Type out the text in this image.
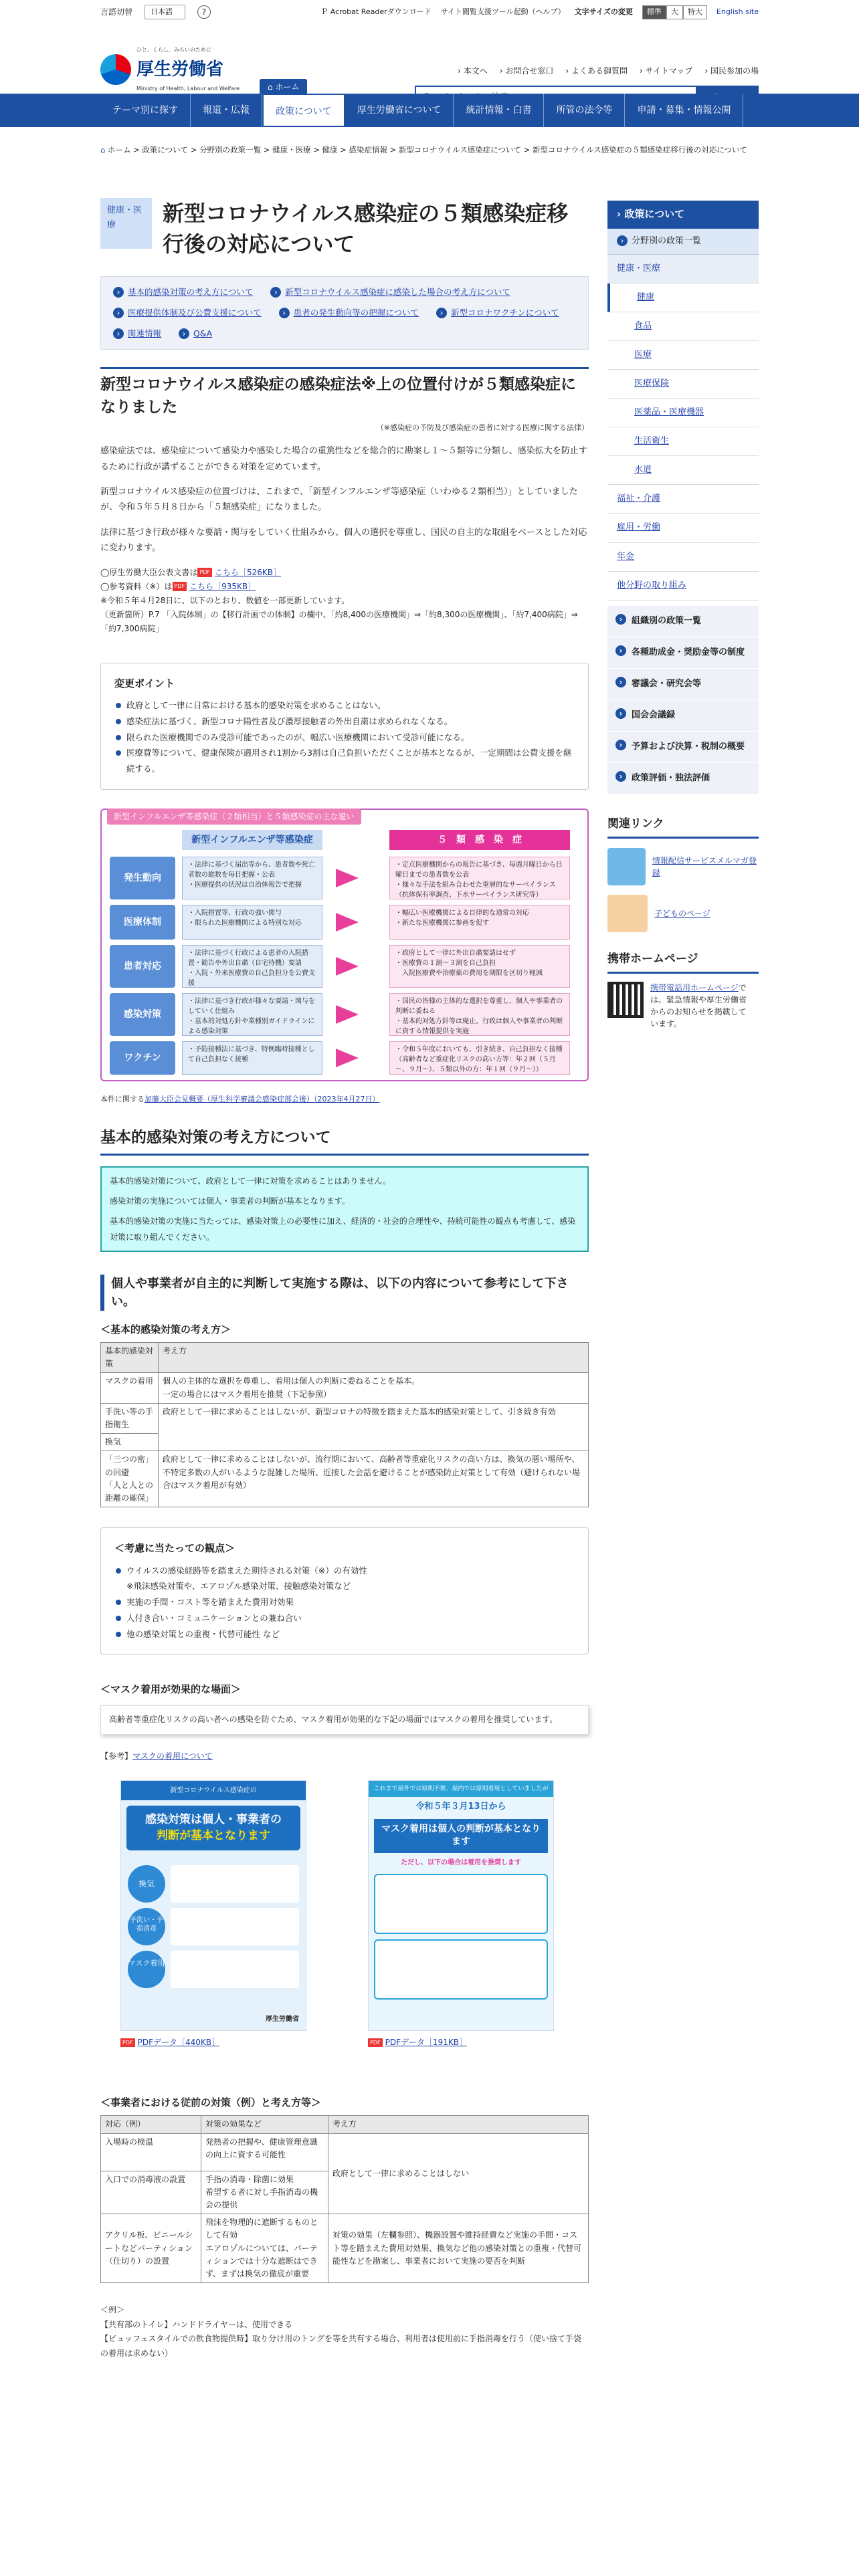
言語切替	日本語	?	Ｐ Acrobat Readerダウンロード サイト閲覧支援ツール起動（ヘルプ） 文字サイズの変更	標準 大 特大	English site
ひと、くらし、みらいのために
厚生労働省
Ministry of Health, Labour and Welfare	⌂ ホーム
› 本文へ › お問合せ窓口 › よくある御質問 › サイトマップ › 国民参加の場
Google カスタム検索
テーマ別に探す	報道・広報	政策について	厚生労働省について	統計情報・白書	所管の法令等	申請・募集・情報公開
⌂ ホーム > 政策について > 分野別の政策一覧 > 健康・医療 > 健康 > 感染症情報 > 新型コロナウイルス感染症について > 新型コロナウイルス感染症の５類感染症移行後の対応について
健康・医療	新型コロナウイルス感染症の５類感染症移行後の対応について
› 基本的感染対策の考え方について	› 新型コロナウイルス感染症に感染した場合の考え方について
› 医療提供体制及び公費支援について	› 患者の発生動向等の把握について	› 新型コロナワクチンについて
› 関連情報	› Q&A
新型コロナウイルス感染症の感染症法※上の位置付けが５類感染症になりました
（※感染症の予防及び感染症の患者に対する医療に関する法律）

感染症法では、感染症について感染力や感染した場合の重篤性などを総合的に勘案し１～５類等に分類し、感染拡大を防止するために行政が講ずることができる対策を定めています。

新型コロナウイルス感染症の位置づけは、これまで、「新型インフルエンザ等感染症（いわゆる２類相当）」としていましたが、令和５年５月８日から「５類感染症」になりました。

法律に基づき行政が様々な要請・関与をしていく仕組みから、個人の選択を尊重し、国民の自主的な取組をベースとした対応に変わります。

◯厚生労働大臣公表文書は PDF こちら［526KB］
◯参考資料（※）は PDF こちら［935KB］
※令和５年４月28日に、以下のとおり、数値を一部更新しています。
（更新箇所）P.7 「入院体制」の【移行計画での体制】の欄中、「約8,400の医療機関」⇒「約8,300の医療機関」、「約7,400病院」⇒「約7,300病院」
変更ポイント
政府として一律に日常における基本的感染対策を求めることはない。
感染症法に基づく、新型コロナ陽性者及び濃厚接触者の外出自粛は求められなくなる。
限られた医療機関でのみ受診可能であったのが、幅広い医療機関において受診可能になる。
医療費等について、健康保険が適用され1割から3割は自己負担いただくことが基本となるが、一定期間は公費支援を継続する。
新型インフルエンザ等感染症（２類相当）と５類感染症の主な違い
新型インフルエンザ等感染症	５　類　感　染　症
発生動向
・法律に基づく届出等から、患者数や死亡者数の総数を毎日把握・公表
・医療提供の状況は自治体報告で把握
・定点医療機関からの報告に基づき、毎週月曜日から日曜日までの患者数を公表
・様々な手法を組み合わせた重層的なサーベイランス（抗体保有率調査、下水サーベイランス研究等）
医療体制
・入院措置等、行政の強い関与
・限られた医療機関による特別な対応
・幅広い医療機関による自律的な通常の対応
・新たな医療機関に参画を促す
患者対応
・法律に基づく行政による患者の入院措置・勧告や外出自粛（自宅待機）要請
・入院・外来医療費の自己負担分を公費支援
・政府として一律に外出自粛要請はせず
・医療費の１割～３割を自己負担
　入院医療費や治療薬の費用を期限を区切り軽減
感染対策
・法律に基づき行政が様々な要請・関与をしていく仕組み
・基本的対処方針や業種別ガイドラインによる感染対策
・国民の皆様の主体的な選択を尊重し、個人や事業者の判断に委ねる
・基本的対処方針等は廃止。行政は個人や事業者の判断に資する情報提供を実施
ワクチン
・予防接種法に基づき、特例臨時接種として自己負担なく接種
・令和５年度においても、引き続き、自己負担なく接種
（高齢者など重症化リスクの高い方等：年２回（５月～、９月～）、５類以外の方：年１回（９月～））
本件に関する加藤大臣会見概要（厚生科学審議会感染症部会後）（2023年4月27日）
基本的感染対策の考え方について
基本的感染対策について、政府として一律に対策を求めることはありません。
感染対策の実施については個人・事業者の判断が基本となります。
基本的感染対策の実施に当たっては、感染対策上の必要性に加え、経済的・社会的合理性や、持続可能性の観点も考慮して、感染対策に取り組んでください。
個人や事業者が自主的に判断して実施する際は、以下の内容について参考にして下さい。
＜基本的感染対策の考え方＞
基本的感染対策	考え方
マスクの着用	個人の主体的な選択を尊重し、着用は個人の判断に委ねることを基本。
一定の場合にはマスク着用を推奨（下記参照）
手洗い等の手指衛生	政府として一律に求めることはしないが、新型コロナの特徴を踏まえた基本的感染対策として、引き続き有効
換気	
「三つの密」の回避
「人と人との距離の確保」	政府として一律に求めることはしないが、流行期において、高齢者等重症化リスクの高い方は、換気の悪い場所や、不特定多数の人がいるような混雑した場所、近接した会話を避けることが感染防止対策として有効（避けられない場合はマスク着用が有効）
＜考慮に当たっての観点＞
ウイルスの感染経路等を踏まえた期待される対策（※）の有効性
※飛沫感染対策や、エアロゾル感染対策、接触感染対策など
実施の手間・コスト等を踏まえた費用対効果
人付き合い・コミュニケーションとの兼ね合い
他の感染対策との重複・代替可能性 など
＜マスク着用が効果的な場面＞
高齢者等重症化リスクの高い者への感染を防ぐため、マスク着用が効果的な下記の場面ではマスクの着用を推奨しています。
【参考】マスクの着用について
新型コロナウイルス感染症の
感染対策は個人・事業者の
判断が基本となります
換気
手洗い・手指消毒
マスク着用
厚生労働省
これまで屋外では原則不要、屋内では原則着用としていましたが
令和５年３月13日から
マスク着用は個人の判断が基本となります
ただし、以下の場合は着用を推奨します
PDF PDFデータ［440KB］	PDF PDFデータ［191KB］
＜事業者における従前の対策（例）と考え方等＞
対応（例）	対策の効果など	考え方
入場時の検温	発熱者の把握や、健康管理意識の向上に資する可能性	政府として一律に求めることはしない
入口での消毒液の設置	手指の消毒・除菌に効果
希望する者に対し手指消毒の機会の提供	
アクリル板、ビニールシートなどパーティション（仕切り）の設置	飛沫を物理的に遮断するものとして有効
エアロゾルについては、パーティションでは十分な遮断はできず、まずは換気の徹底が重要	対策の効果（左欄参照）、機器設置や維持経費など実施の手間・コスト等を踏まえた費用対効果、換気など他の感染対策との重複・代替可能性などを勘案し、事業者において実施の要否を判断
＜例＞
【共有部のトイレ】ハンドドライヤーは、使用できる
【ビュッフェスタイルでの飲食物提供時】取り分け用のトングを等を共有する場合、利用者は使用前に手指消毒を行う（使い捨て手袋の着用は求めない）
› 政策について
› 分野別の政策一覧
健康・医療
健康
食品
医療
医療保険
医薬品・医療機器
生活衛生
水道
福祉・介護
雇用・労働
年金
他分野の取り組み
› 組織別の政策一覧
› 各種助成金・奨励金等の制度
› 審議会・研究会等
› 国会会議録
› 予算および決算・税制の概要
› 政策評価・独法評価
関連リンク
情報配信サービスメルマガ登録
子どものページ
携帯ホームページ
携帯電話用ホームページでは、緊急情報や厚生労働省からのお知らせを掲載しています。
